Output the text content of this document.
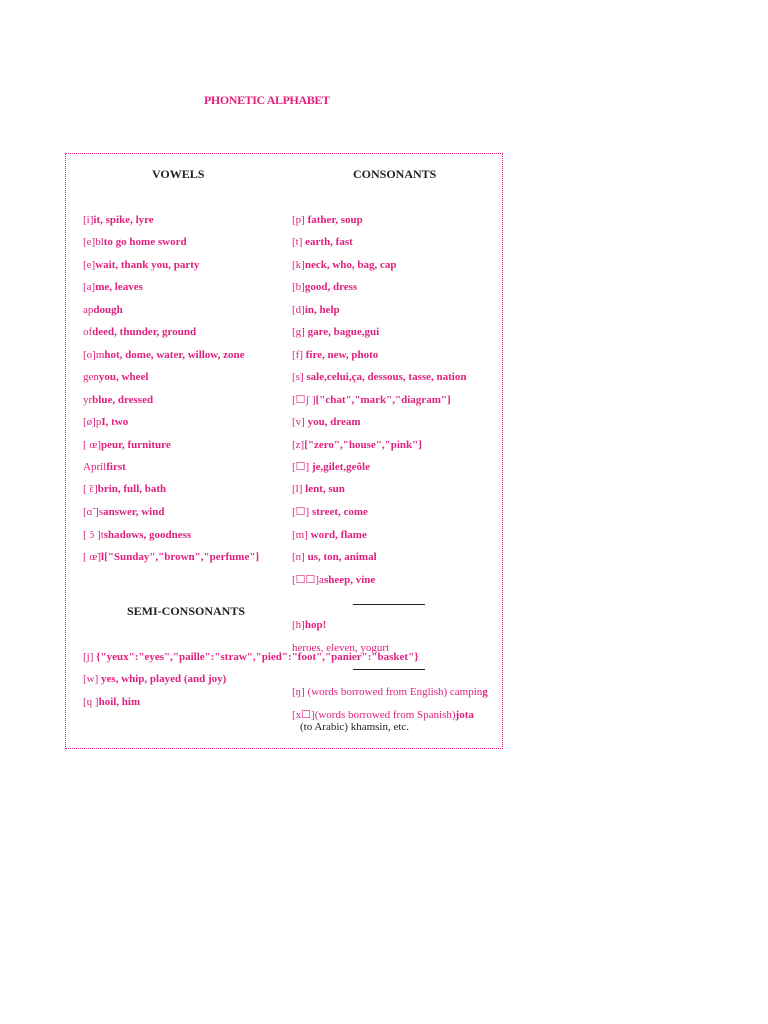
PHONETIC ALPHABET
VOWELS	CONSONANTS
[i]it, spike, lyre
[e]blto go home sword
[e]wait, thank you, party
[a]me, leaves
apdough
ofdeed, thunder, ground
[o]mhot, dome, water, willow, zone
genyou, wheel
yrblue, dressed
[ø]pI, two
[ œ]peur, furniture
Aprilfirst
[ ̃ε]brin, full, bath
[ɑ̃ ]sanswer, wind
[ ̃ɔ ]tshadows, goodness
[ œ̃]l["Sunday","brown","perfume"]
[p] father, soup
[t] earth, fast
[k]neck, who, bag, cap
[b]good, dress
[d]in, help
[g] gare, bague,gui
[f] fire, new, photo
[s] sale,celui,ça, dessous, tasse, nation
[☐ʃ ]["chat","mark","diagram"]
[v] you, dream
[z]["zero","house","pink"]
[☐] je,gilet,geôle
[l] lent, sun
[☐] street, come
[m] word, flame
[n] us, ton, animal
[☐☐]asheep, vine
[h]hop!
heroes, eleven, yogurt
[ŋ] (words borrowed from English) camping
[x☐](words borrowed from Spanish)jota
(to Arabic) khamsin, etc.
SEMI-CONSONANTS
[j] {"yeux":"eyes","paille":"straw","pied":"foot","panier":"basket"}
[w] yes, whip, played (and joy)
[ɥ ]hoil, him
